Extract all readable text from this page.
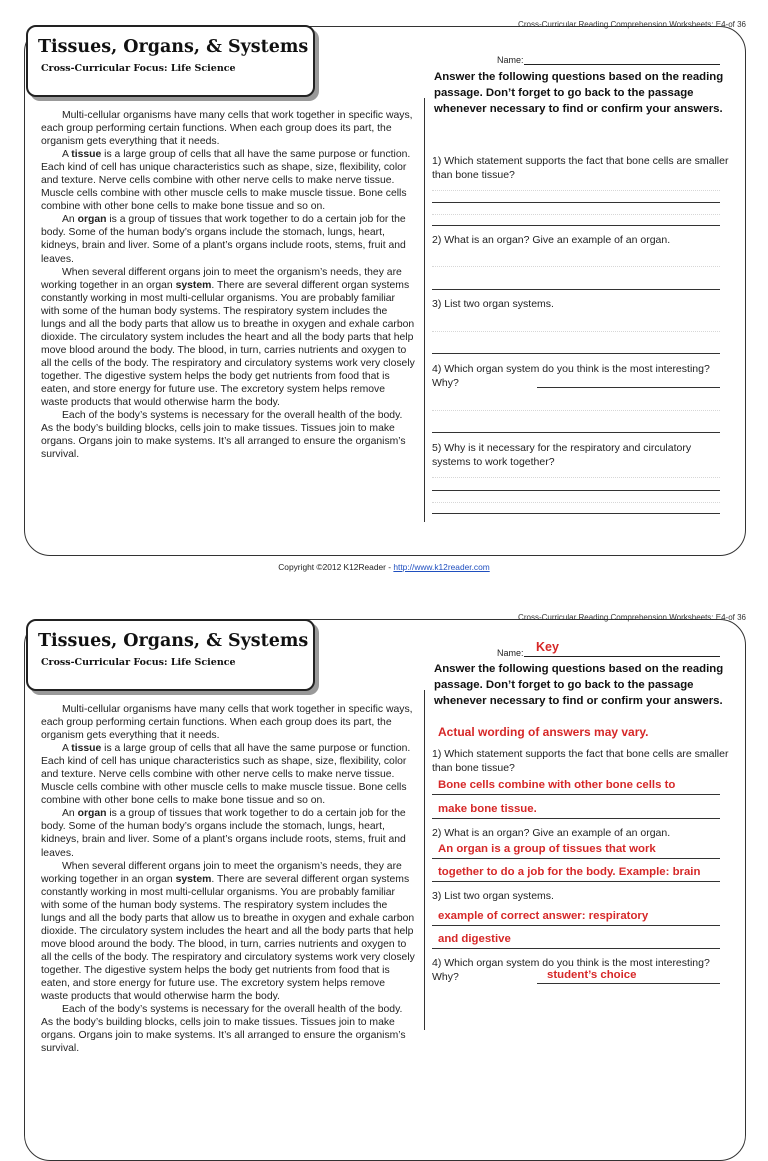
Cross-Curricular Reading Comprehension Worksheets: E4-of 36
Tissues, Organs, & Systems
Cross-Curricular Focus: Life Science

Multi-cellular organisms have many cells that work together in specific ways, each group performing certain functions. When each group does its part, the organism gets everything that it needs.

A tissue is a large group of cells that all have the same purpose or function. Each kind of cell has unique characteristics such as shape, size, flexibility, color and texture. Nerve cells combine with other nerve cells to make nerve tissue. Muscle cells combine with other muscle cells to make muscle tissue. Bone cells combine with other bone cells to make bone tissue and so on.

An organ is a group of tissues that work together to do a certain job for the body. Some of the human body’s organs include the stomach, lungs, heart, kidneys, brain and liver. Some of a plant’s organs include roots, stems, fruit and leaves.

When several different organs join to meet the organism’s needs, they are working together in an organ system. There are several different organ systems constantly working in most multi-cellular organisms. You are probably familiar with some of the human body systems. The respiratory system includes the lungs and all the body parts that allow us to breathe in oxygen and exhale carbon dioxide. The circulatory system includes the heart and all the body parts that help move blood around the body. The blood, in turn, carries nutrients and oxygen to all the cells of the body. The respiratory and circulatory systems work very closely together. The digestive system helps the body get nutrients from food that is eaten, and store energy for future use. The excretory system helps remove waste products that would otherwise harm the body.

Each of the body’s systems is necessary for the overall health of the body. As the body’s building blocks, cells join to make tissues. Tissues join to make organs. Organs join to make systems. It’s all arranged to ensure the organism’s survival.

Name:
Answer the following questions based on the reading passage. Don’t forget to go back to the passage whenever necessary to find or confirm your answers.
1) Which statement supports the fact that bone cells are smaller than bone tissue?
2) What is an organ? Give an example of an organ.
3) List two organ systems.
4) Which organ system do you think is the most interesting? Why?
5) Why is it necessary for the respiratory and circulatory systems to work together?
Copyright ©2012 K12Reader - http://www.k12reader.com
Cross-Curricular Reading Comprehension Worksheets: E4-of 36
Tissues, Organs, & Systems
Cross-Curricular Focus: Life Science

Multi-cellular organisms have many cells that work together in specific ways, each group performing certain functions. When each group does its part, the organism gets everything that it needs.

A tissue is a large group of cells that all have the same purpose or function. Each kind of cell has unique characteristics such as shape, size, flexibility, color and texture. Nerve cells combine with other nerve cells to make nerve tissue. Muscle cells combine with other muscle cells to make muscle tissue. Bone cells combine with other bone cells to make bone tissue and so on.

An organ is a group of tissues that work together to do a certain job for the body. Some of the human body’s organs include the stomach, lungs, heart, kidneys, brain and liver. Some of a plant’s organs include roots, stems, fruit and leaves.

When several different organs join to meet the organism’s needs, they are working together in an organ system. There are several different organ systems constantly working in most multi-cellular organisms. You are probably familiar with some of the human body systems. The respiratory system includes the lungs and all the body parts that allow us to breathe in oxygen and exhale carbon dioxide. The circulatory system includes the heart and all the body parts that help move blood around the body. The blood, in turn, carries nutrients and oxygen to all the cells of the body. The respiratory and circulatory systems work very closely together. The digestive system helps the body get nutrients from food that is eaten, and store energy for future use. The excretory system helps remove waste products that would otherwise harm the body.

Each of the body’s systems is necessary for the overall health of the body. As the body’s building blocks, cells join to make tissues. Tissues join to make organs. Organs join to make systems. It’s all arranged to ensure the organism’s survival.

Name: Key
Answer the following questions based on the reading passage. Don’t forget to go back to the passage whenever necessary to find or confirm your answers.
Actual wording of answers may vary.
1) Which statement supports the fact that bone cells are smaller than bone tissue?
Bone cells combine with other bone cells to
make bone tissue.
2) What is an organ? Give an example of an organ.
An organ is a group of tissues that work
together to do a job for the body. Example: brain
3) List two organ systems.
example of correct answer: respiratory
and digestive
4) Which organ system do you think is the most interesting? Why?	student’s choice
